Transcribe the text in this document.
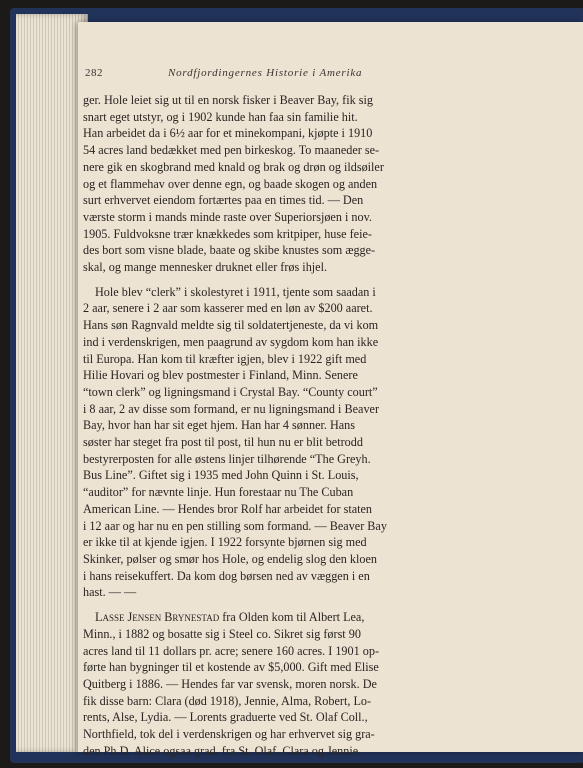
282	Nordfjordingernes Historie i Amerika
ger. Hole leiet sig ut til en norsk fisker i Beaver Bay, fik sig
snart eget utstyr, og i 1902 kunde han faa sin familie hit.
Han arbeidet da i 6½ aar for et minekompani, kjøpte i 1910
54 acres land bedækket med pen birkeskog. To maaneder se-
nere gik en skogbrand med knald og brak og drøn og ildsøiler
og et flammehav over denne egn, og baade skogen og anden
surt erhvervet eiendom fortærtes paa en times tid. — Den
værste storm i mands minde raste over Superiorsjøen i nov.
1905. Fuldvoksne trær knækkedes som kritpiper, huse feie-
des bort som visne blade, baate og skibe knustes som ægge-
skal, og mange mennesker druknet eller frøs ihjel.
Hole blev “clerk” i skolestyret i 1911, tjente som saadan i
2 aar, senere i 2 aar som kasserer med en løn av $200 aaret.
Hans søn Ragnvald meldte sig til soldatertjeneste, da vi kom
ind i verdenskrigen, men paagrund av sygdom kom han ikke
til Europa. Han kom til kræfter igjen, blev i 1922 gift med
Hilie Hovari og blev postmester i Finland, Minn. Senere
“town clerk” og ligningsmand i Crystal Bay. “County court”
i 8 aar, 2 av disse som formand, er nu ligningsmand i Beaver
Bay, hvor han har sit eget hjem. Han har 4 sønner. Hans
søster har steget fra post til post, til hun nu er blit betrodd
bestyrerposten for alle østens linjer tilhørende “The Greyh.
Bus Line”. Giftet sig i 1935 med John Quinn i St. Louis,
“auditor” for nævnte linje. Hun forestaar nu The Cuban
American Line. — Hendes bror Rolf har arbeidet for staten
i 12 aar og har nu en pen stilling som formand. — Beaver Bay
er ikke til at kjende igjen. I 1922 forsynte bjørnen sig med
Skinker, pølser og smør hos Hole, og endelig slog den kloen
i hans reisekuffert. Da kom dog børsen ned av væggen i en
hast. — —
Lasse Jensen Brynestad fra Olden kom til Albert Lea,
Minn., i 1882 og bosatte sig i Steel co. Sikret sig først 90
acres land til 11 dollars pr. acre; senere 160 acres. I 1901 op-
førte han bygninger til et kostende av $5,000. Gift med Elise
Quitberg i 1886. — Hendes far var svensk, moren norsk. De
fik disse barn: Clara (død 1918), Jennie, Alma, Robert, Lo-
rents, Alse, Lydia. — Lorents graduerte ved St. Olaf Coll.,
Northfield, tok del i verdenskrigen og har erhvervet sig gra-
den Ph.D. Alice ogsaa grad. fra St. Olaf, Clara og Jennie
